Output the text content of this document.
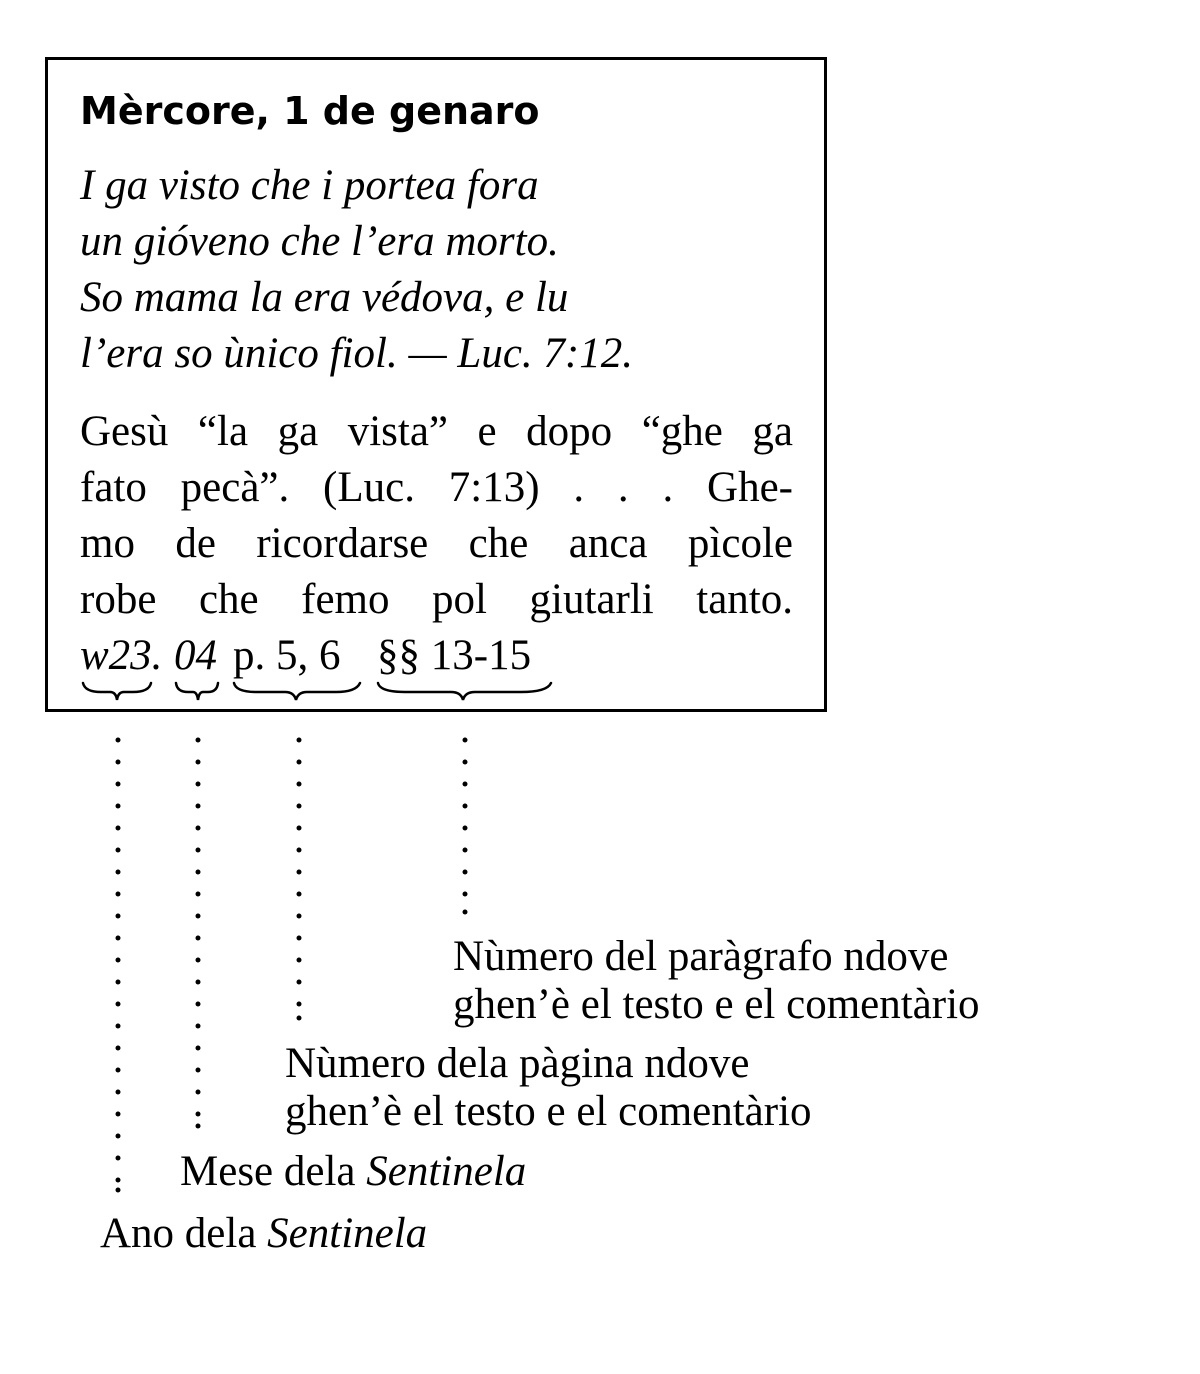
Mèrcore, 1 de genaro
I ga visto che i portea fora
un gióveno che l’era morto.
So mama la era védova, e lu
l’era so ùnico fiol. — Luc. 7:12.
Gesù “la ga vista” e dopo “ghe ga
fato pecà”. (Luc. 7:13) . . . Ghe-
mo de ricordarse che anca pìcole
robe che femo pol giutarli tanto.
w23. 04 p. 5, 6 §§ 13-15
Nùmero del paràgrafo ndove
ghen’è el testo e el comentàrio
Nùmero dela pàgina ndove
ghen’è el testo e el comentàrio
Mese dela Sentinela
Ano dela Sentinela
